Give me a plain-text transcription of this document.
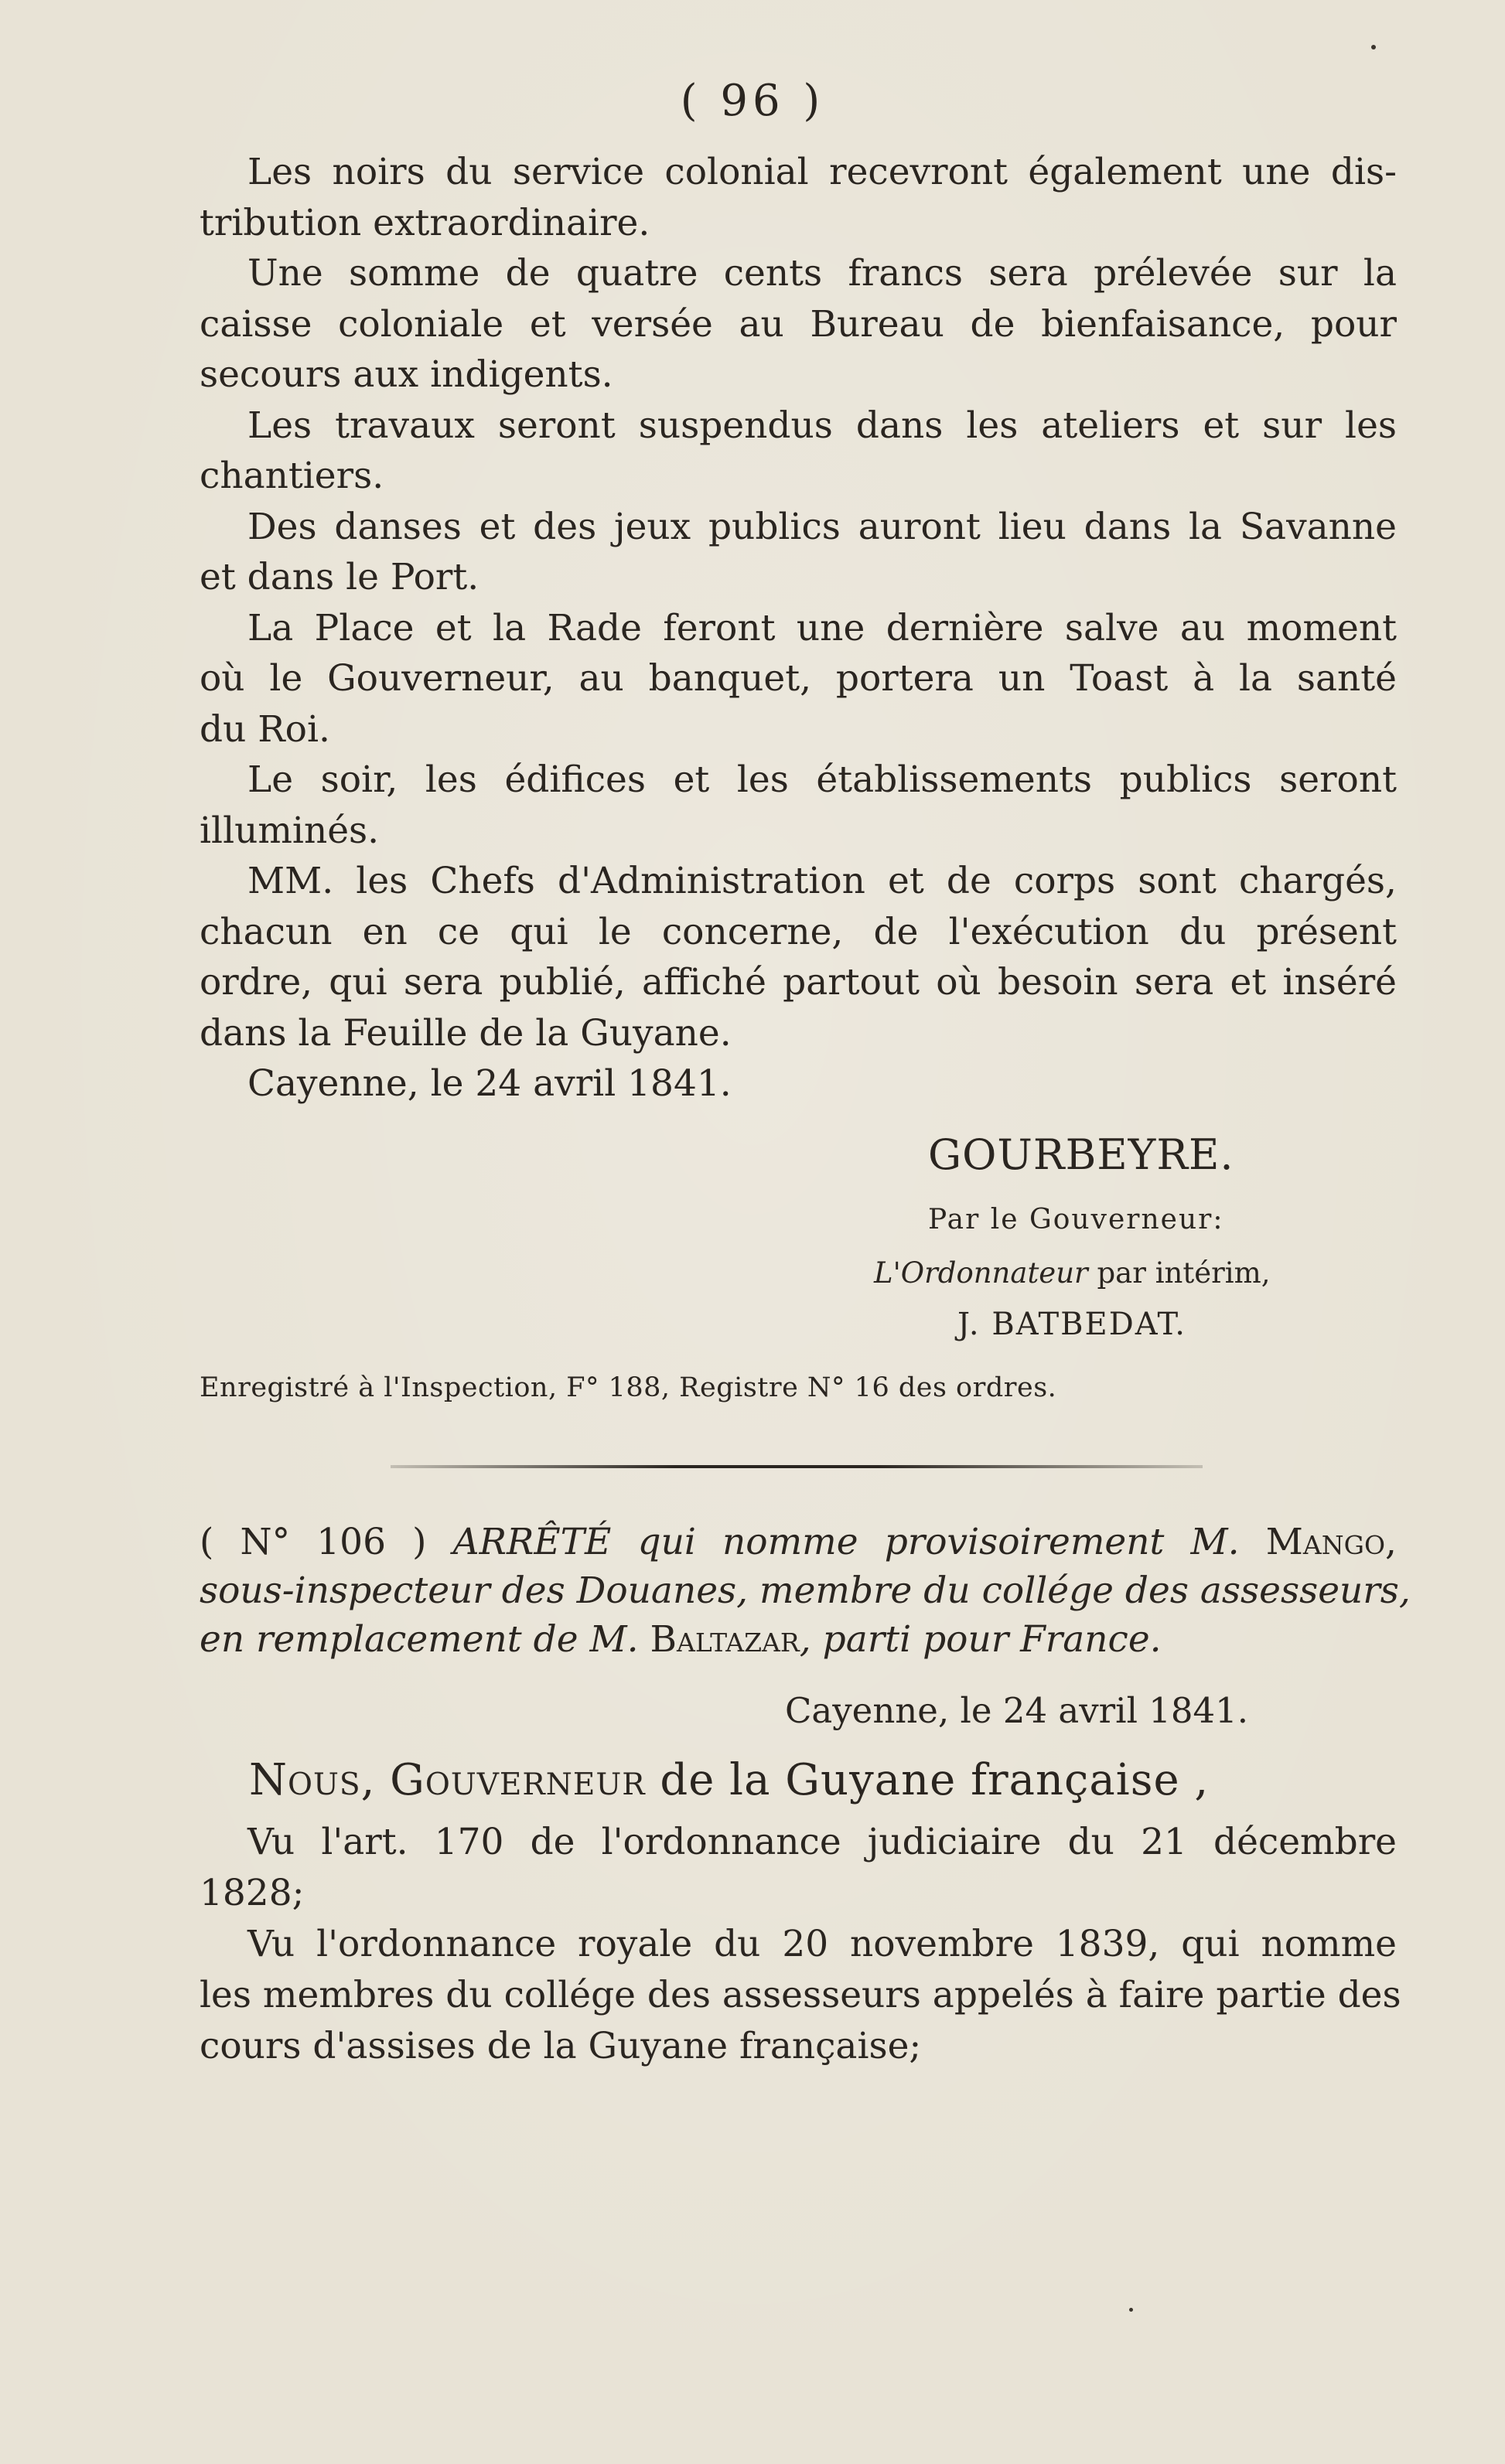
( 96 )
Les noirs du service colonial recevront également une dis-
tribution extraordinaire.
Une somme de quatre cents francs sera prélevée sur la
caisse coloniale et versée au Bureau de bienfaisance, pour
secours aux indigents.
Les travaux seront suspendus dans les ateliers et sur les
chantiers.
Des danses et des jeux publics auront lieu dans la Savanne
et dans le Port.
La Place et la Rade feront une dernière salve au moment
où le Gouverneur, au banquet, portera un Toast à la santé
du Roi.
Le soir, les édifices et les établissements publics seront
illuminés.
MM. les Chefs d'Administration et de corps sont chargés,
chacun en ce qui le concerne, de l'exécution du présent
ordre, qui sera publié, affiché partout où besoin sera et inséré
dans la Feuille de la Guyane.
Cayenne, le 24 avril 1841.
GOURBEYRE.
Par le Gouverneur:
L'Ordonnateur par intérim,
J. BATBEDAT.
Enregistré à l'Inspection, F° 188, Registre N° 16 des ordres.
( N° 106 ) ARRÊTÉ qui nomme provisoirement M. Mango,
sous-inspecteur des Douanes, membre du collége des assesseurs,
en remplacement de M. Baltazar, parti pour France.
Cayenne, le 24 avril 1841.
Nous, Gouverneur de la Guyane française ,
Vu l'art. 170 de l'ordonnance judiciaire du 21 décembre
1828;
Vu l'ordonnance royale du 20 novembre 1839, qui nomme
les membres du collége des assesseurs appelés à faire partie des
cours d'assises de la Guyane française;
